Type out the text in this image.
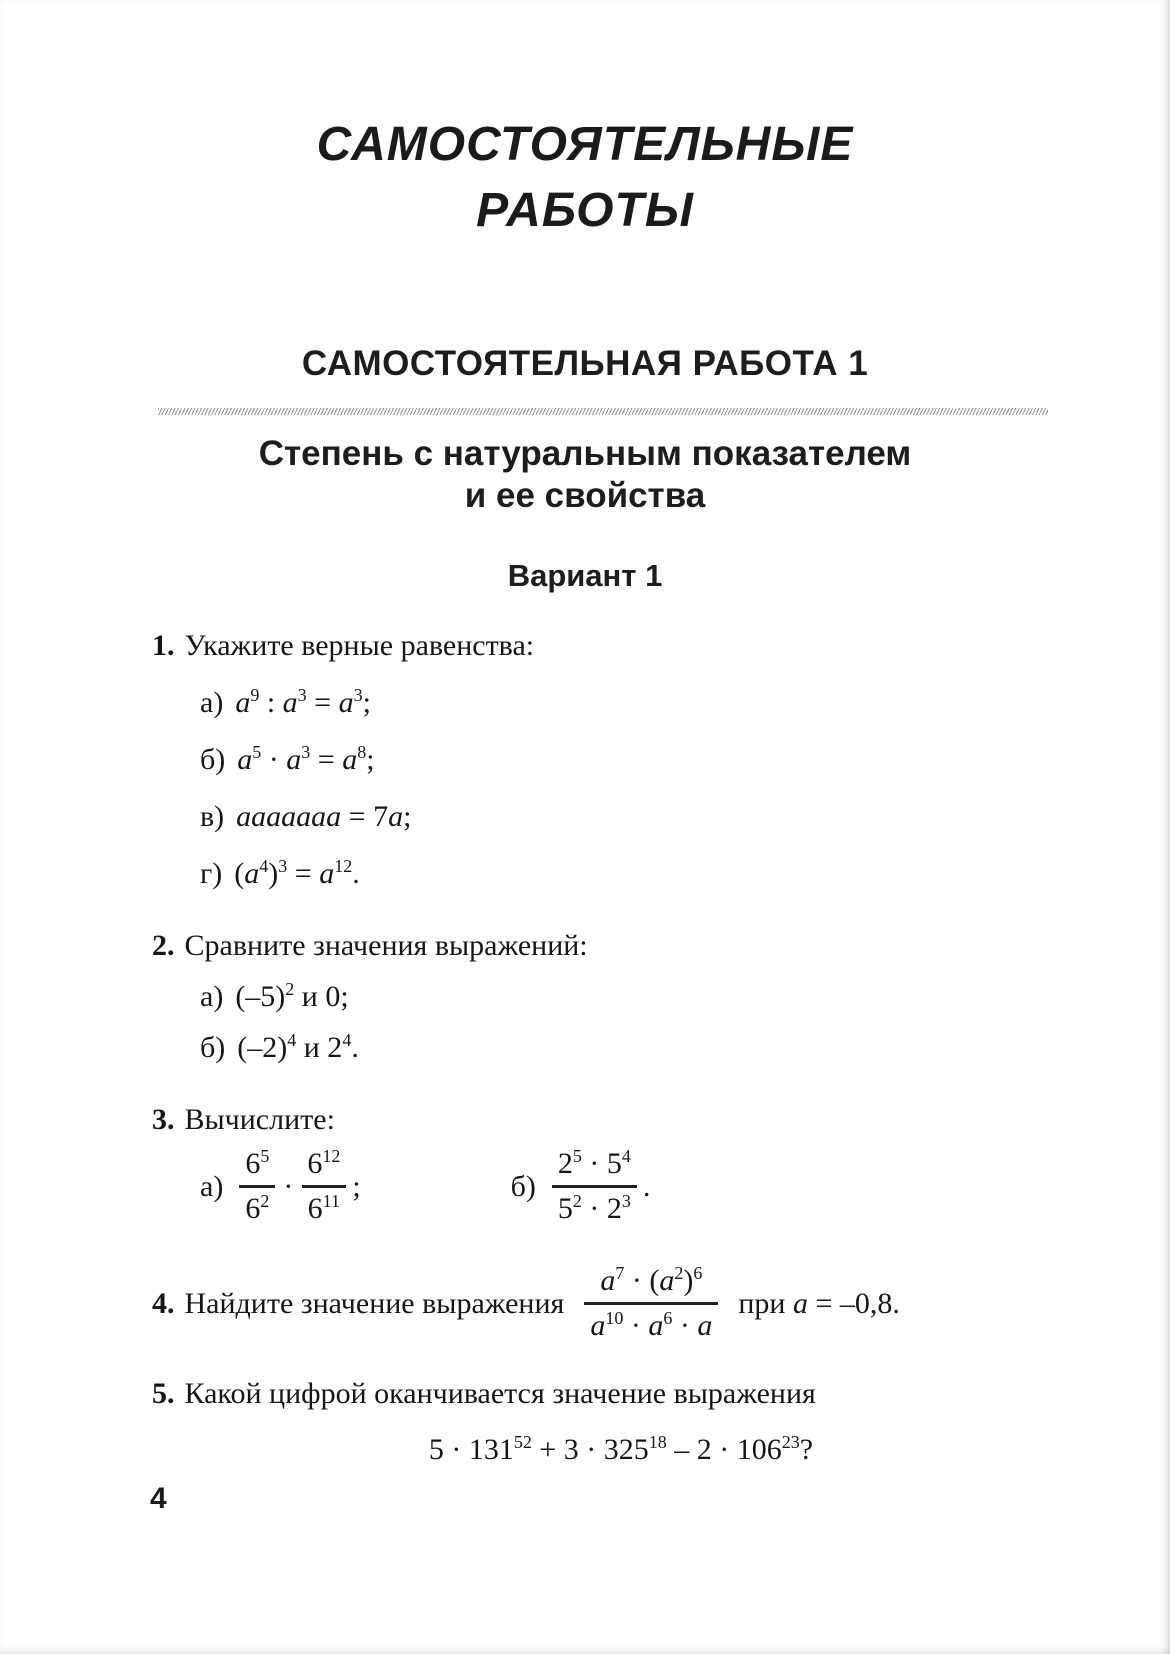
САМОСТОЯТЕЛЬНЫЕ
РАБОТЫ
САМОСТОЯТЕЛЬНАЯ РАБОТА 1
Степень с натуральным показателем
и ее свойства
Вариант 1
1. Укажите верные равенства:
а) $a^9$ : $a^3 = a^3$;
б) $a^5 \cdot a^3 = a^8$;
в) aaaaaaa = 7a;
г) $(a^4)^3 = a^{12}$.
2. Сравните значения выражений:
а) $(-5)^2$ и 0;
б) $(-2)^4$ и $2^4$.
3. Вычислите:
$а) \frac{6^5}{6^2} \cdot \frac{6^{12}}{6^{11}}$ ;	$б) \frac{2^5 \cdot 5^4}{5^2 \cdot 2^3}$ .
4. Найдите значение выражения $\frac{a^7 \cdot (a^2)^6}{a^{10} \cdot a^6 \cdot a}$ при a = –0,8.
5. Какой цифрой оканчивается значение выражения
$5 \cdot 131^{52} + 3 \cdot 325^{18} - 2 \cdot 106^{23}$?
4
